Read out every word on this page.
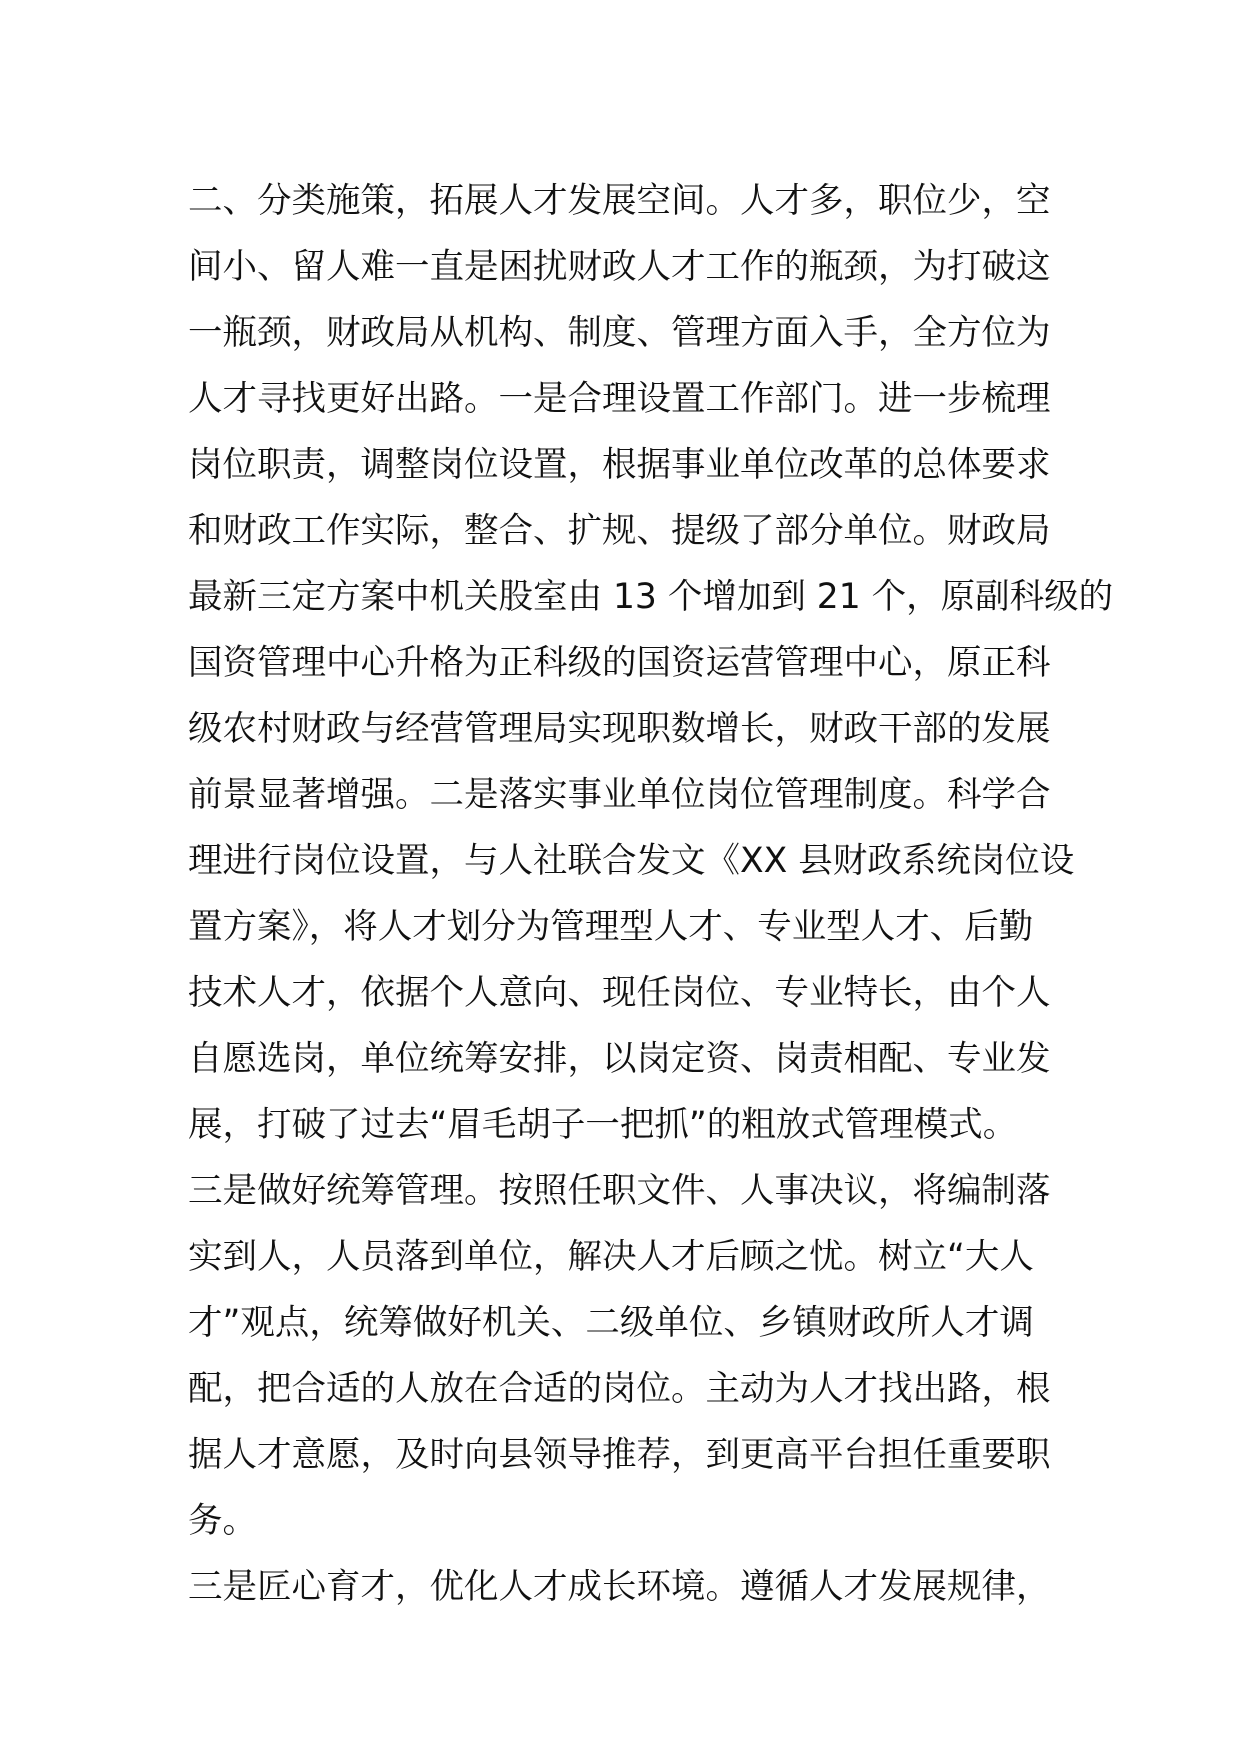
二、分类施策，拓展人才发展空间。人才多，职位少，空
间小、留人难一直是困扰财政人才工作的瓶颈，为打破这
一瓶颈，财政局从机构、制度、管理方面入手，全方位为
人才寻找更好出路。一是合理设置工作部门。进一步梳理
岗位职责，调整岗位设置，根据事业单位改革的总体要求
和财政工作实际，整合、扩规、提级了部分单位。财政局
最新三定方案中机关股室由 13 个增加到 21 个，原副科级的
国资管理中心升格为正科级的国资运营管理中心，原正科
级农村财政与经营管理局实现职数增长，财政干部的发展
前景显著增强。二是落实事业单位岗位管理制度。科学合
理进行岗位设置，与人社联合发文《XX 县财政系统岗位设
置方案》，将人才划分为管理型人才、专业型人才、后勤
技术人才，依据个人意向、现任岗位、专业特长，由个人
自愿选岗，单位统筹安排，以岗定资、岗责相配、专业发
展，打破了过去“眉毛胡子一把抓”的粗放式管理模式。
三是做好统筹管理。按照任职文件、人事决议，将编制落
实到人，人员落到单位，解决人才后顾之忧。树立“大人
才”观点，统筹做好机关、二级单位、乡镇财政所人才调
配，把合适的人放在合适的岗位。主动为人才找出路，根
据人才意愿，及时向县领导推荐，到更高平台担任重要职
务。
三是匠心育才，优化人才成长环境。遵循人才发展规律，
